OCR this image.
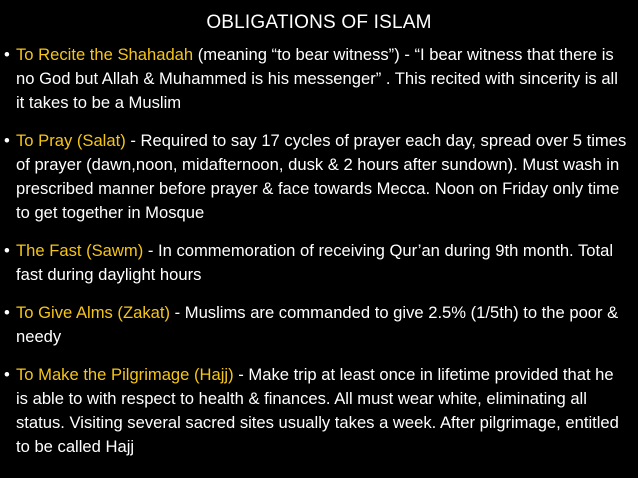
OBLIGATIONS OF ISLAM
• To Recite the Shahadah (meaning “to bear witness”) - “I bear witness that there is no God but Allah & Muhammed is his messenger” . This recited with sincerity is all it takes to be a Muslim
• To Pray (Salat) - Required to say 17 cycles of prayer each day, spread over 5 times of prayer (dawn,noon, midafternoon, dusk & 2 hours after sundown). Must wash in prescribed manner before prayer & face towards Mecca. Noon on Friday only time to get together in Mosque
• The Fast (Sawm) - In commemoration of receiving Qur’an during 9th month. Total fast during daylight hours
• To Give Alms (Zakat) - Muslims are commanded to give 2.5% (1/5th) to the poor & needy
• To Make the Pilgrimage (Hajj) - Make trip at least once in lifetime provided that he is able to with respect to health & finances. All must wear white, eliminating all status. Visiting several sacred sites usually takes a week. After pilgrimage, entitled to be called Hajj
